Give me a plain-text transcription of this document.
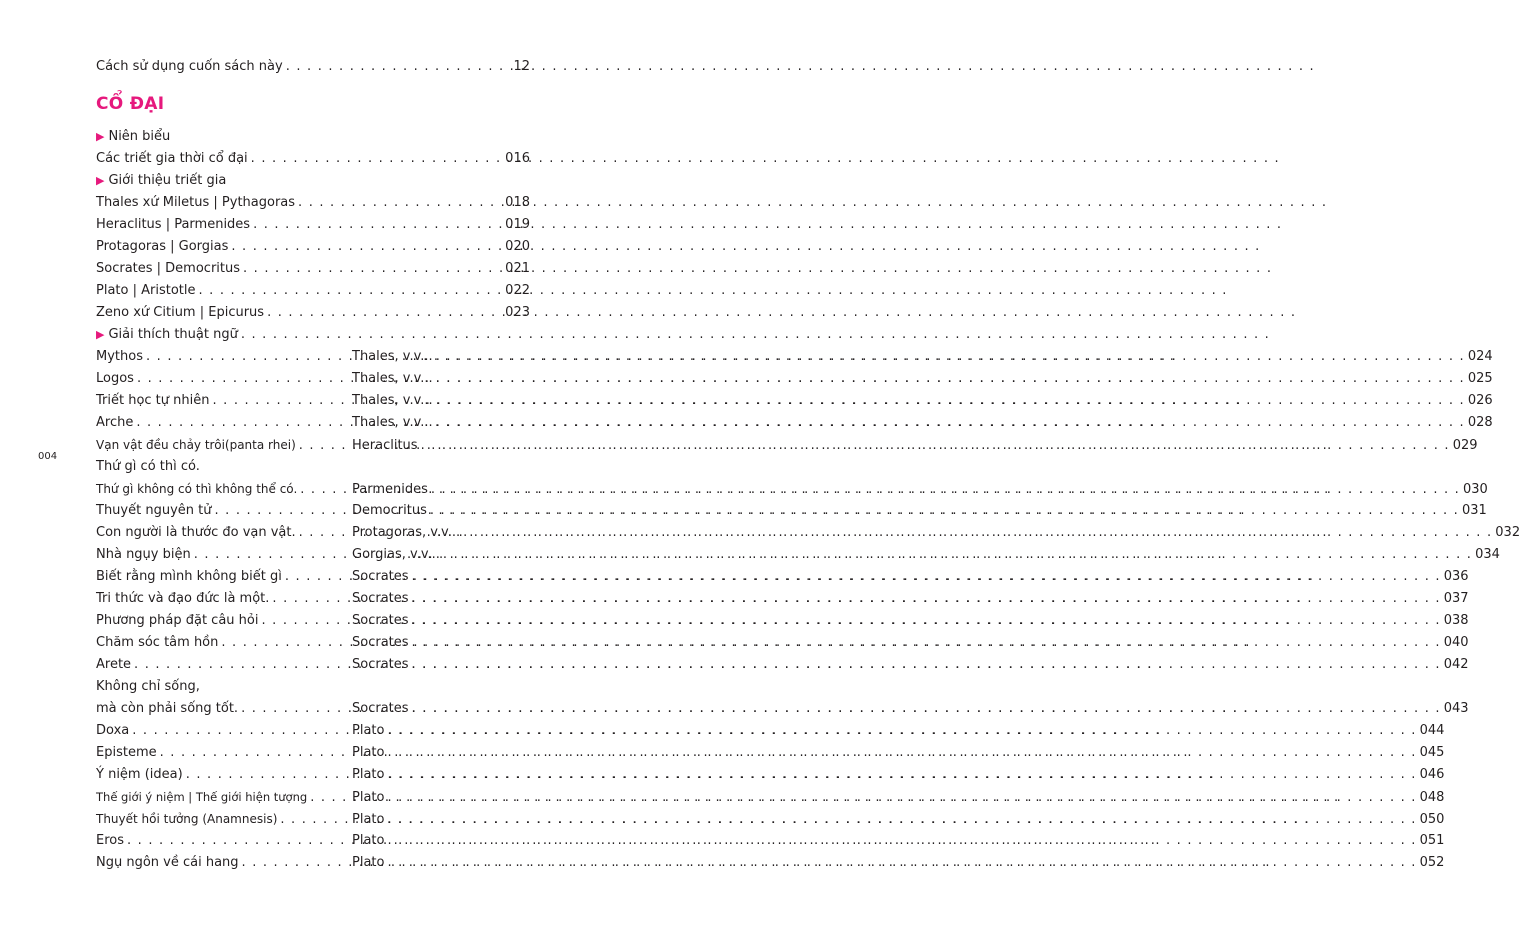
004
Cách sử dụng cuốn sách này . . .	12
CỔ ĐẠI
▶ Niên biểu
Các triết gia thời cổ đại . . .	016
▶ Giới thiệu triết gia
Thales xứ Miletus | Pythagoras . . .	018
Heraclitus | Parmenides . . .	019
Protagoras | Gorgias . . .	020
Socrates | Democritus . . .	021
Plato | Aristotle . . .	022
Zeno xứ Citium | Epicurus . . .	023
▶ Giải thích thuật ngữ
. . .
Mythos . . .	Thales, v.v... . . .	024
Logos . . .	Thales, v.v... . . .	025
Triết học tự nhiên . . .	Thales, v.v... . . .	026
Arche . . .	Thales, v.v... . . .	028
Vạn vật đều chảy trôi(panta rhei) . . .	Heraclitus . . .	029
Thứ gì có thì có.
Thứ gì không có thì không thể có. . . .	Parmenides . . .	030
Thuyết nguyên tử . . .	Democritus . . .	031
Con người là thước đo vạn vật. . . .	Protagoras, v.v... . . .	032
Nhà ngụy biện . . .	Gorgias, v.v... . . .	034
Biết rằng mình không biết gì . . .	Socrates . . .	036
Tri thức và đạo đức là một. . . .	Socrates . . .	037
Phương pháp đặt câu hỏi . . .	Socrates . . .	038
Chăm sóc tâm hồn . . .	Socrates . . .	040
Arete . . .	Socrates . . .	042
Không chỉ sống,
mà còn phải sống tốt. . . .	Socrates . . .	043
Doxa . . .	Plato . . .	044
Episteme . . .	Plato . . .	045
Ý niệm (idea) . . .	Plato . . .	046
Thế giới ý niệm | Thế giới hiện tượng . . .	Plato . . .	048
Thuyết hồi tưởng (Anamnesis) . . .	Plato . . .	050
Eros . . .	Plato . . .	051
Ngụ ngôn về cái hang . . .	Plato . . .	052
